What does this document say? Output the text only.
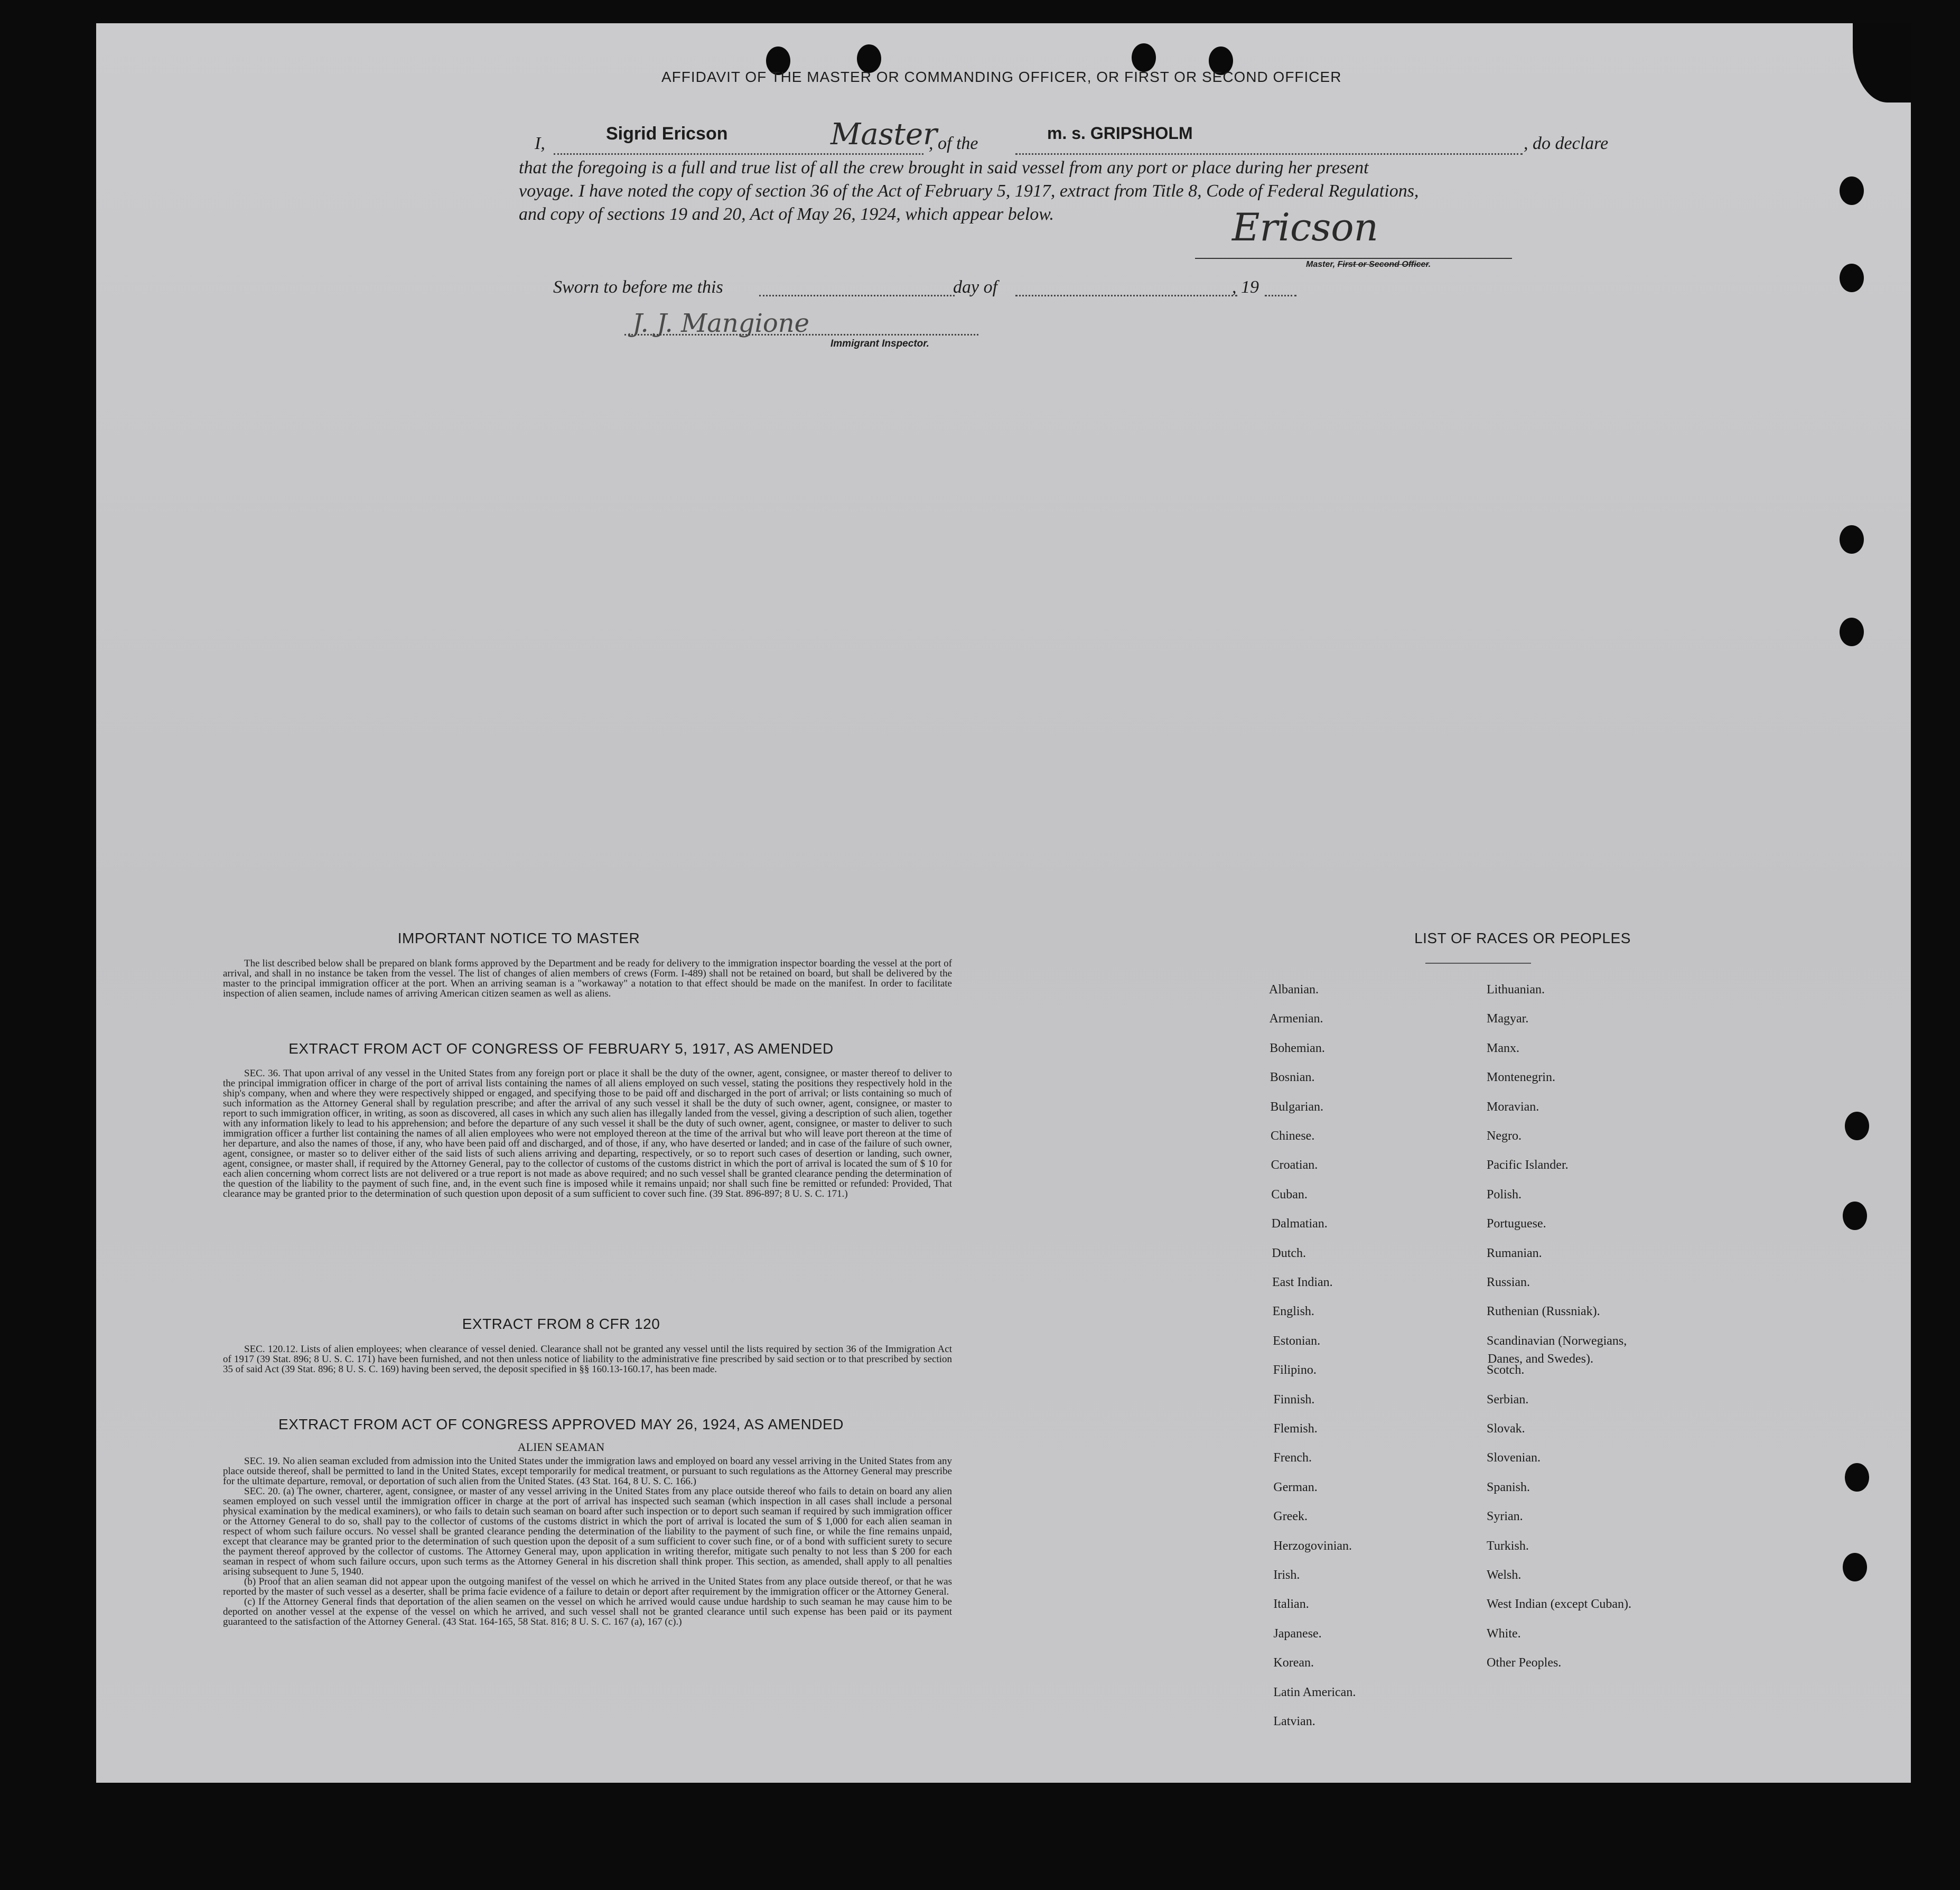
AFFIDAVIT OF THE MASTER OR COMMANDING OFFICER, OR FIRST OR SECOND OFFICER
I,	Sigrid Ericson	Master
, of the
m. s. GRIPSHOLM
, do declare
that the foregoing is a full and true list of all the crew brought in said vessel from any port or place during her present
voyage. I have noted the copy of section 36 of the Act of February 5, 1917, extract from Title 8, Code of Federal Regulations,
and copy of sections 19 and 20, Act of May 26, 1924, which appear below.	Ericson
Master, First or Second Officer.
Sworn to before me this	day of	, 19
J. J. Mangione
Immigrant Inspector.
IMPORTANT NOTICE TO MASTER
The list described below shall be prepared on blank forms approved by the Department and be ready for delivery to the immigration inspector boarding the vessel at the port of arrival, and shall in no instance be taken from the vessel. The list of changes of alien members of crews (Form. I-489) shall not be retained on board, but shall be delivered by the master to the principal immigration officer at the port. When an arriving seaman is a "workaway" a notation to that effect should be made on the manifest. In order to facilitate inspection of alien seamen, include names of arriving American citizen seamen as well as aliens.
EXTRACT FROM ACT OF CONGRESS OF FEBRUARY 5, 1917, AS AMENDED
SEC. 36. That upon arrival of any vessel in the United States from any foreign port or place it shall be the duty of the owner, agent, consignee, or master thereof to deliver to the principal immigration officer in charge of the port of arrival lists containing the names of all aliens employed on such vessel, stating the positions they respectively hold in the ship's company, when and where they were respectively shipped or engaged, and specifying those to be paid off and discharged in the port of arrival; or lists containing so much of such information as the Attorney General shall by regulation prescribe; and after the arrival of any such vessel it shall be the duty of such owner, agent, consignee, or master to report to such immigration officer, in writing, as soon as discovered, all cases in which any such alien has illegally landed from the vessel, giving a description of such alien, together with any information likely to lead to his apprehension; and before the departure of any such vessel it shall be the duty of such owner, agent, consignee, or master to deliver to such immigration officer a further list containing the names of all alien employees who were not employed thereon at the time of the arrival but who will leave port thereon at the time of her departure, and also the names of those, if any, who have been paid off and discharged, and of those, if any, who have deserted or landed; and in case of the failure of such owner, agent, consignee, or master so to deliver either of the said lists of such aliens arriving and departing, respectively, or so to report such cases of desertion or landing, such owner, agent, consignee, or master shall, if required by the Attorney General, pay to the collector of customs of the customs district in which the port of arrival is located the sum of $ 10 for each alien concerning whom correct lists are not delivered or a true report is not made as above required; and no such vessel shall be granted clearance pending the determination of the question of the liability to the payment of such fine, and, in the event such fine is imposed while it remains unpaid; nor shall such fine be remitted or refunded: Provided, That clearance may be granted prior to the determination of such question upon deposit of a sum sufficient to cover such fine. (39 Stat. 896-897; 8 U. S. C. 171.)
EXTRACT FROM 8 CFR 120
SEC. 120.12. Lists of alien employees; when clearance of vessel denied. Clearance shall not be granted any vessel until the lists required by section 36 of the Immigration Act of 1917 (39 Stat. 896; 8 U. S. C. 171) have been furnished, and not then unless notice of liability to the administrative fine prescribed by said section or to that prescribed by section 35 of said Act (39 Stat. 896; 8 U. S. C. 169) having been served, the deposit specified in §§ 160.13-160.17, has been made.
EXTRACT FROM ACT OF CONGRESS APPROVED MAY 26, 1924, AS AMENDED
ALIEN SEAMAN
SEC. 19. No alien seaman excluded from admission into the United States under the immigration laws and employed on board any vessel arriving in the United States from any place outside thereof, shall be permitted to land in the United States, except temporarily for medical treatment, or pursuant to such regulations as the Attorney General may prescribe for the ultimate departure, removal, or deportation of such alien from the United States. (43 Stat. 164, 8 U. S. C. 166.)
SEC. 20. (a) The owner, charterer, agent, consignee, or master of any vessel arriving in the United States from any place outside thereof who fails to detain on board any alien seamen employed on such vessel until the immigration officer in charge at the port of arrival has inspected such seaman (which inspection in all cases shall include a personal physical examination by the medical examiners), or who fails to detain such seaman on board after such inspection or to deport such seaman if required by such immigration officer or the Attorney General to do so, shall pay to the collector of customs of the customs district in which the port of arrival is located the sum of $ 1,000 for each alien seaman in respect of whom such failure occurs. No vessel shall be granted clearance pending the determination of the liability to the payment of such fine, or while the fine remains unpaid, except that clearance may be granted prior to the determination of such question upon the deposit of a sum sufficient to cover such fine, or of a bond with sufficient surety to secure the payment thereof approved by the collector of customs. The Attorney General may, upon application in writing therefor, mitigate such penalty to not less than $ 200 for each seaman in respect of whom such failure occurs, upon such terms as the Attorney General in his discretion shall think proper. This section, as amended, shall apply to all penalties arising subsequent to June 5, 1940.
(b) Proof that an alien seaman did not appear upon the outgoing manifest of the vessel on which he arrived in the United States from any place outside thereof, or that he was reported by the master of such vessel as a deserter, shall be prima facie evidence of a failure to detain or deport after requirement by the immigration officer or the Attorney General.
(c) If the Attorney General finds that deportation of the alien seamen on the vessel on which he arrived would cause undue hardship to such seaman he may cause him to be deported on another vessel at the expense of the vessel on which he arrived, and such vessel shall not be granted clearance until such expense has been paid or its payment guaranteed to the satisfaction of the Attorney General. (43 Stat. 164-165, 58 Stat. 816; 8 U. S. C. 167 (a), 167 (c).)
LIST OF RACES OR PEOPLES
Albanian.
Armenian.
Bohemian.
Bosnian.
Bulgarian.
Chinese.
Croatian.
Cuban.
Dalmatian.
Dutch.
East Indian.
English.
Estonian.
Filipino.
Finnish.
Flemish.
French.
German.
Greek.
Herzogovinian.
Irish.
Italian.
Japanese.
Korean.
Latin American.
Latvian.
Lithuanian.
Magyar.
Manx.
Montenegrin.
Moravian.
Negro.
Pacific Islander.
Polish.
Portuguese.
Rumanian.
Russian.
Ruthenian (Russniak).
Scandinavian (Norwegians,
Danes, and Swedes).
Scotch.
Serbian.
Slovak.
Slovenian.
Spanish.
Syrian.
Turkish.
Welsh.
West Indian (except Cuban).
White.
Other Peoples.
